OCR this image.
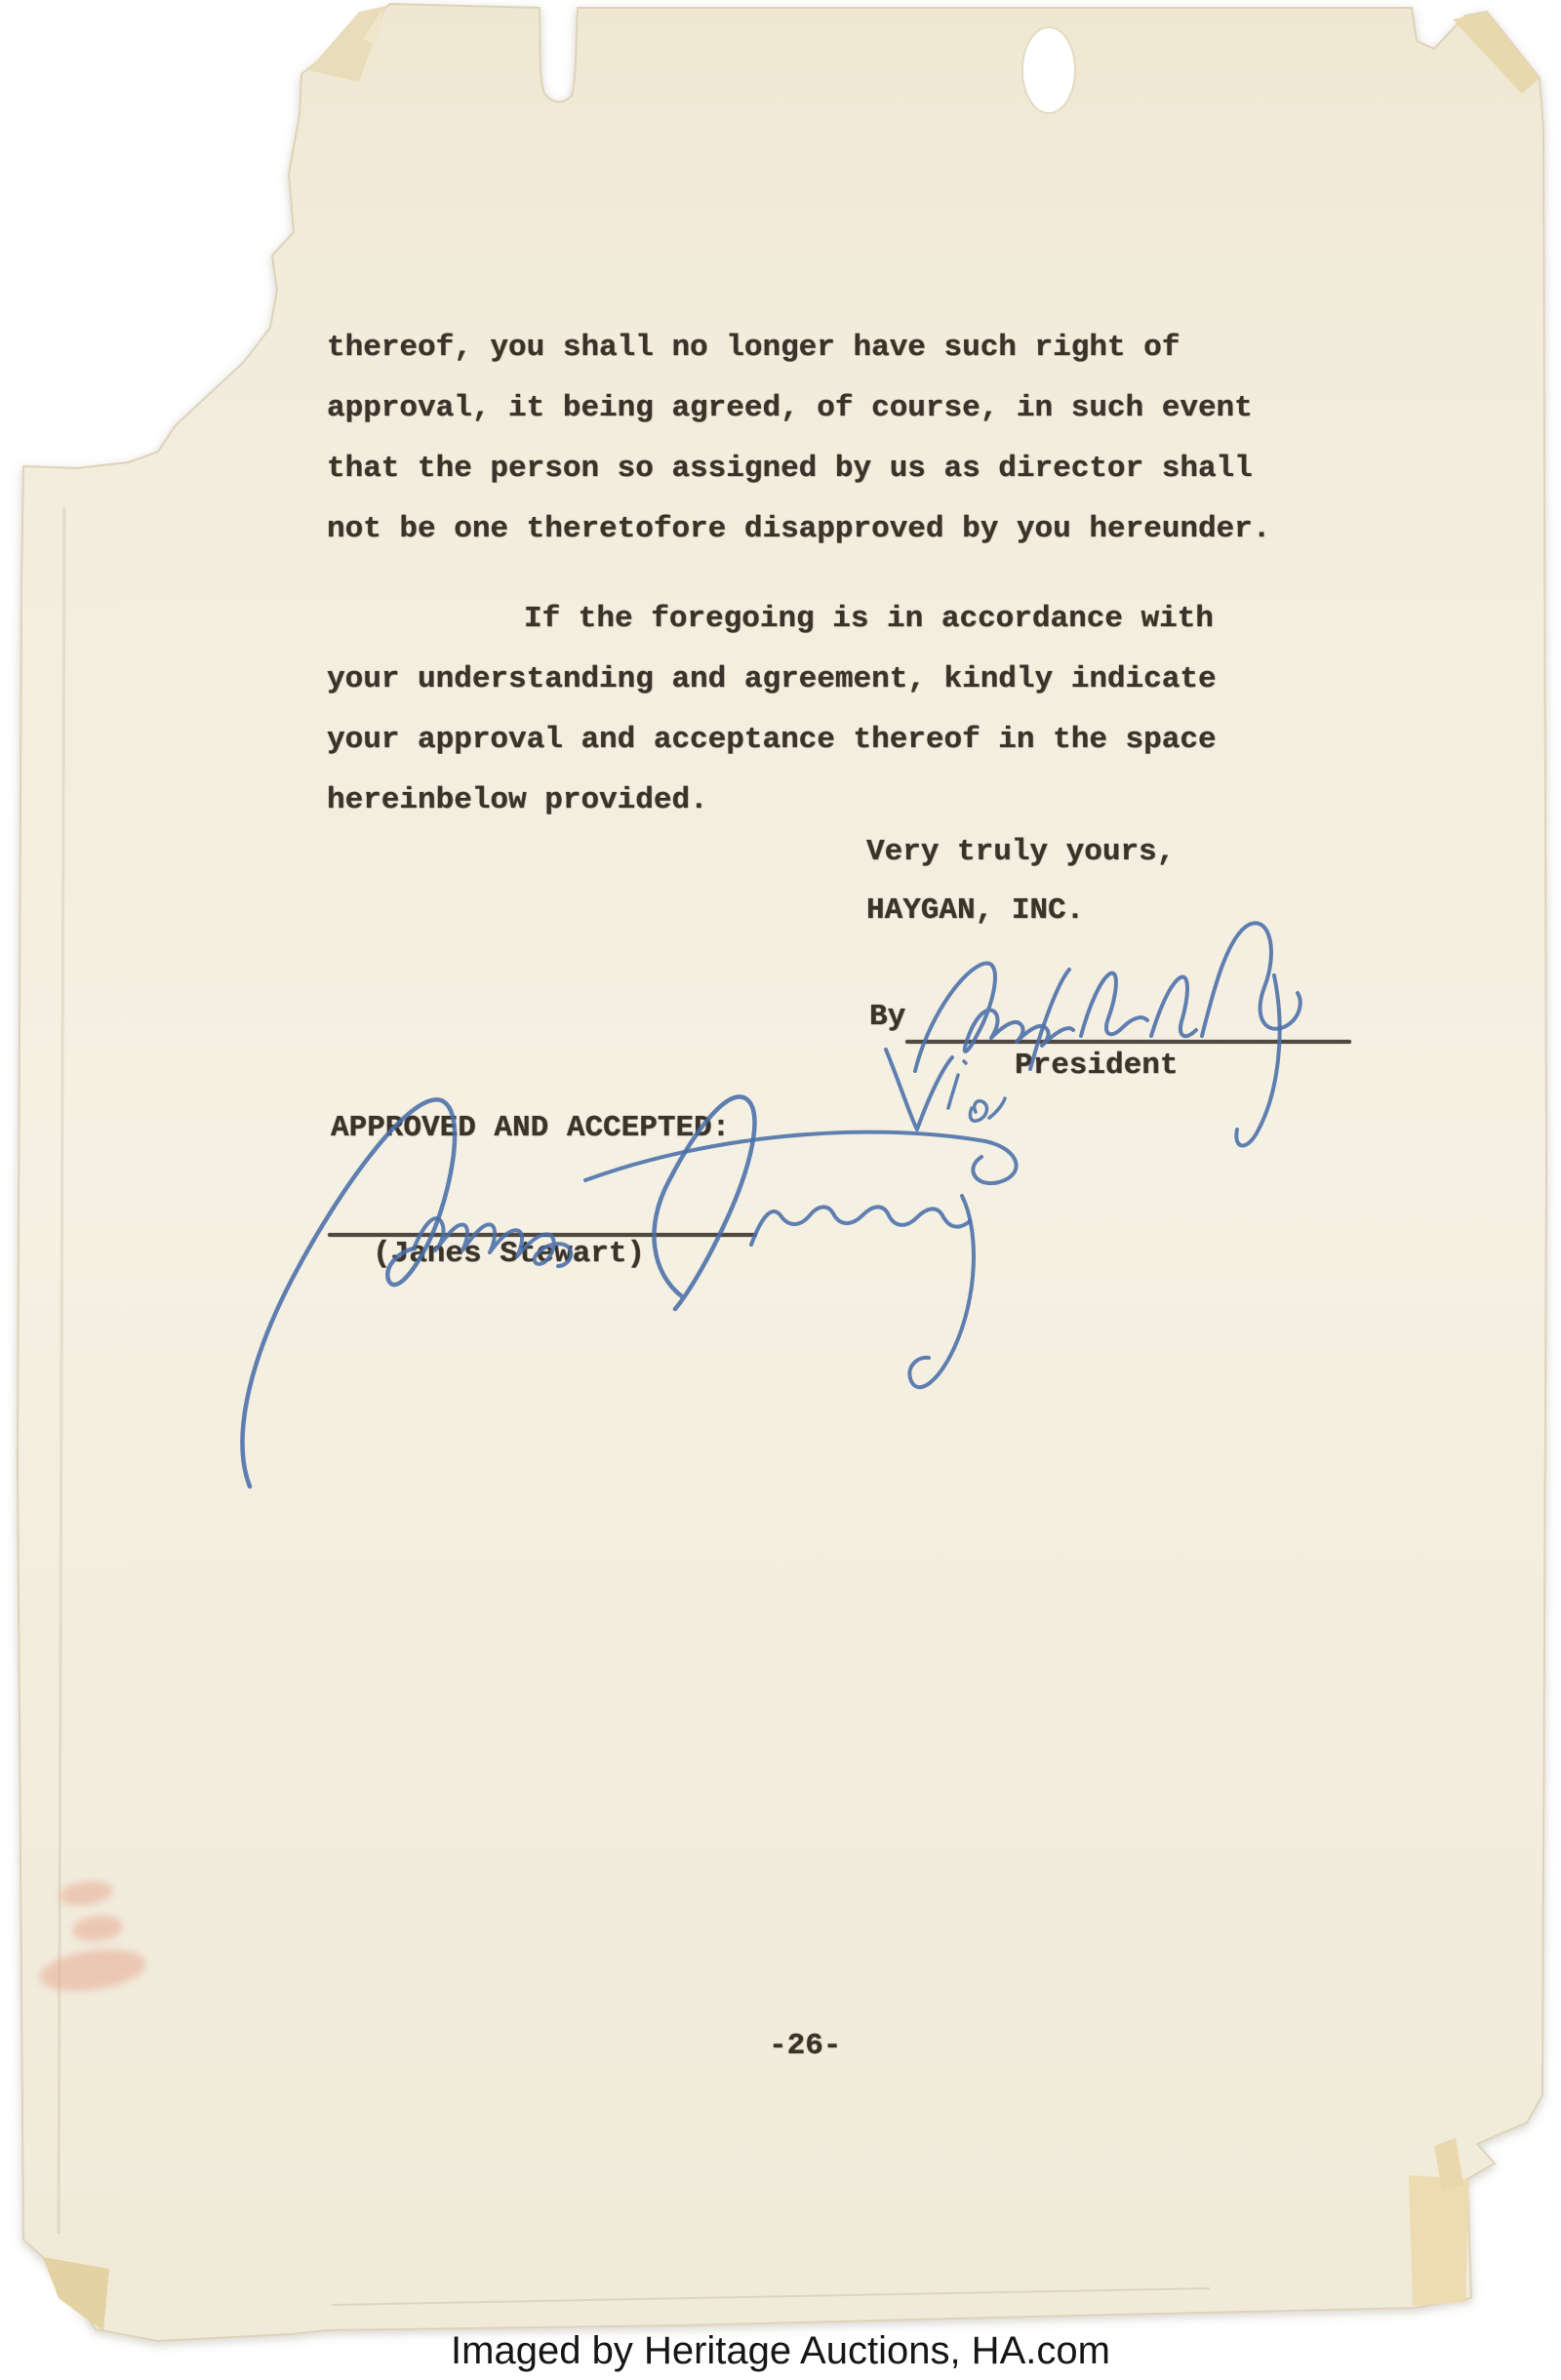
thereof, you shall no longer have such right of
approval, it being agreed, of course, in such event
that the person so assigned by us as director shall
not be one theretofore disapproved by you hereunder.
If the foregoing is in accordance with
your understanding and agreement, kindly indicate
your approval and acceptance thereof in the space
hereinbelow provided.
Very truly yours,
HAYGAN, INC.
By
President
APPROVED AND ACCEPTED:
(Janes Stewart)
-26-
Imaged by Heritage Auctions, HA.com
